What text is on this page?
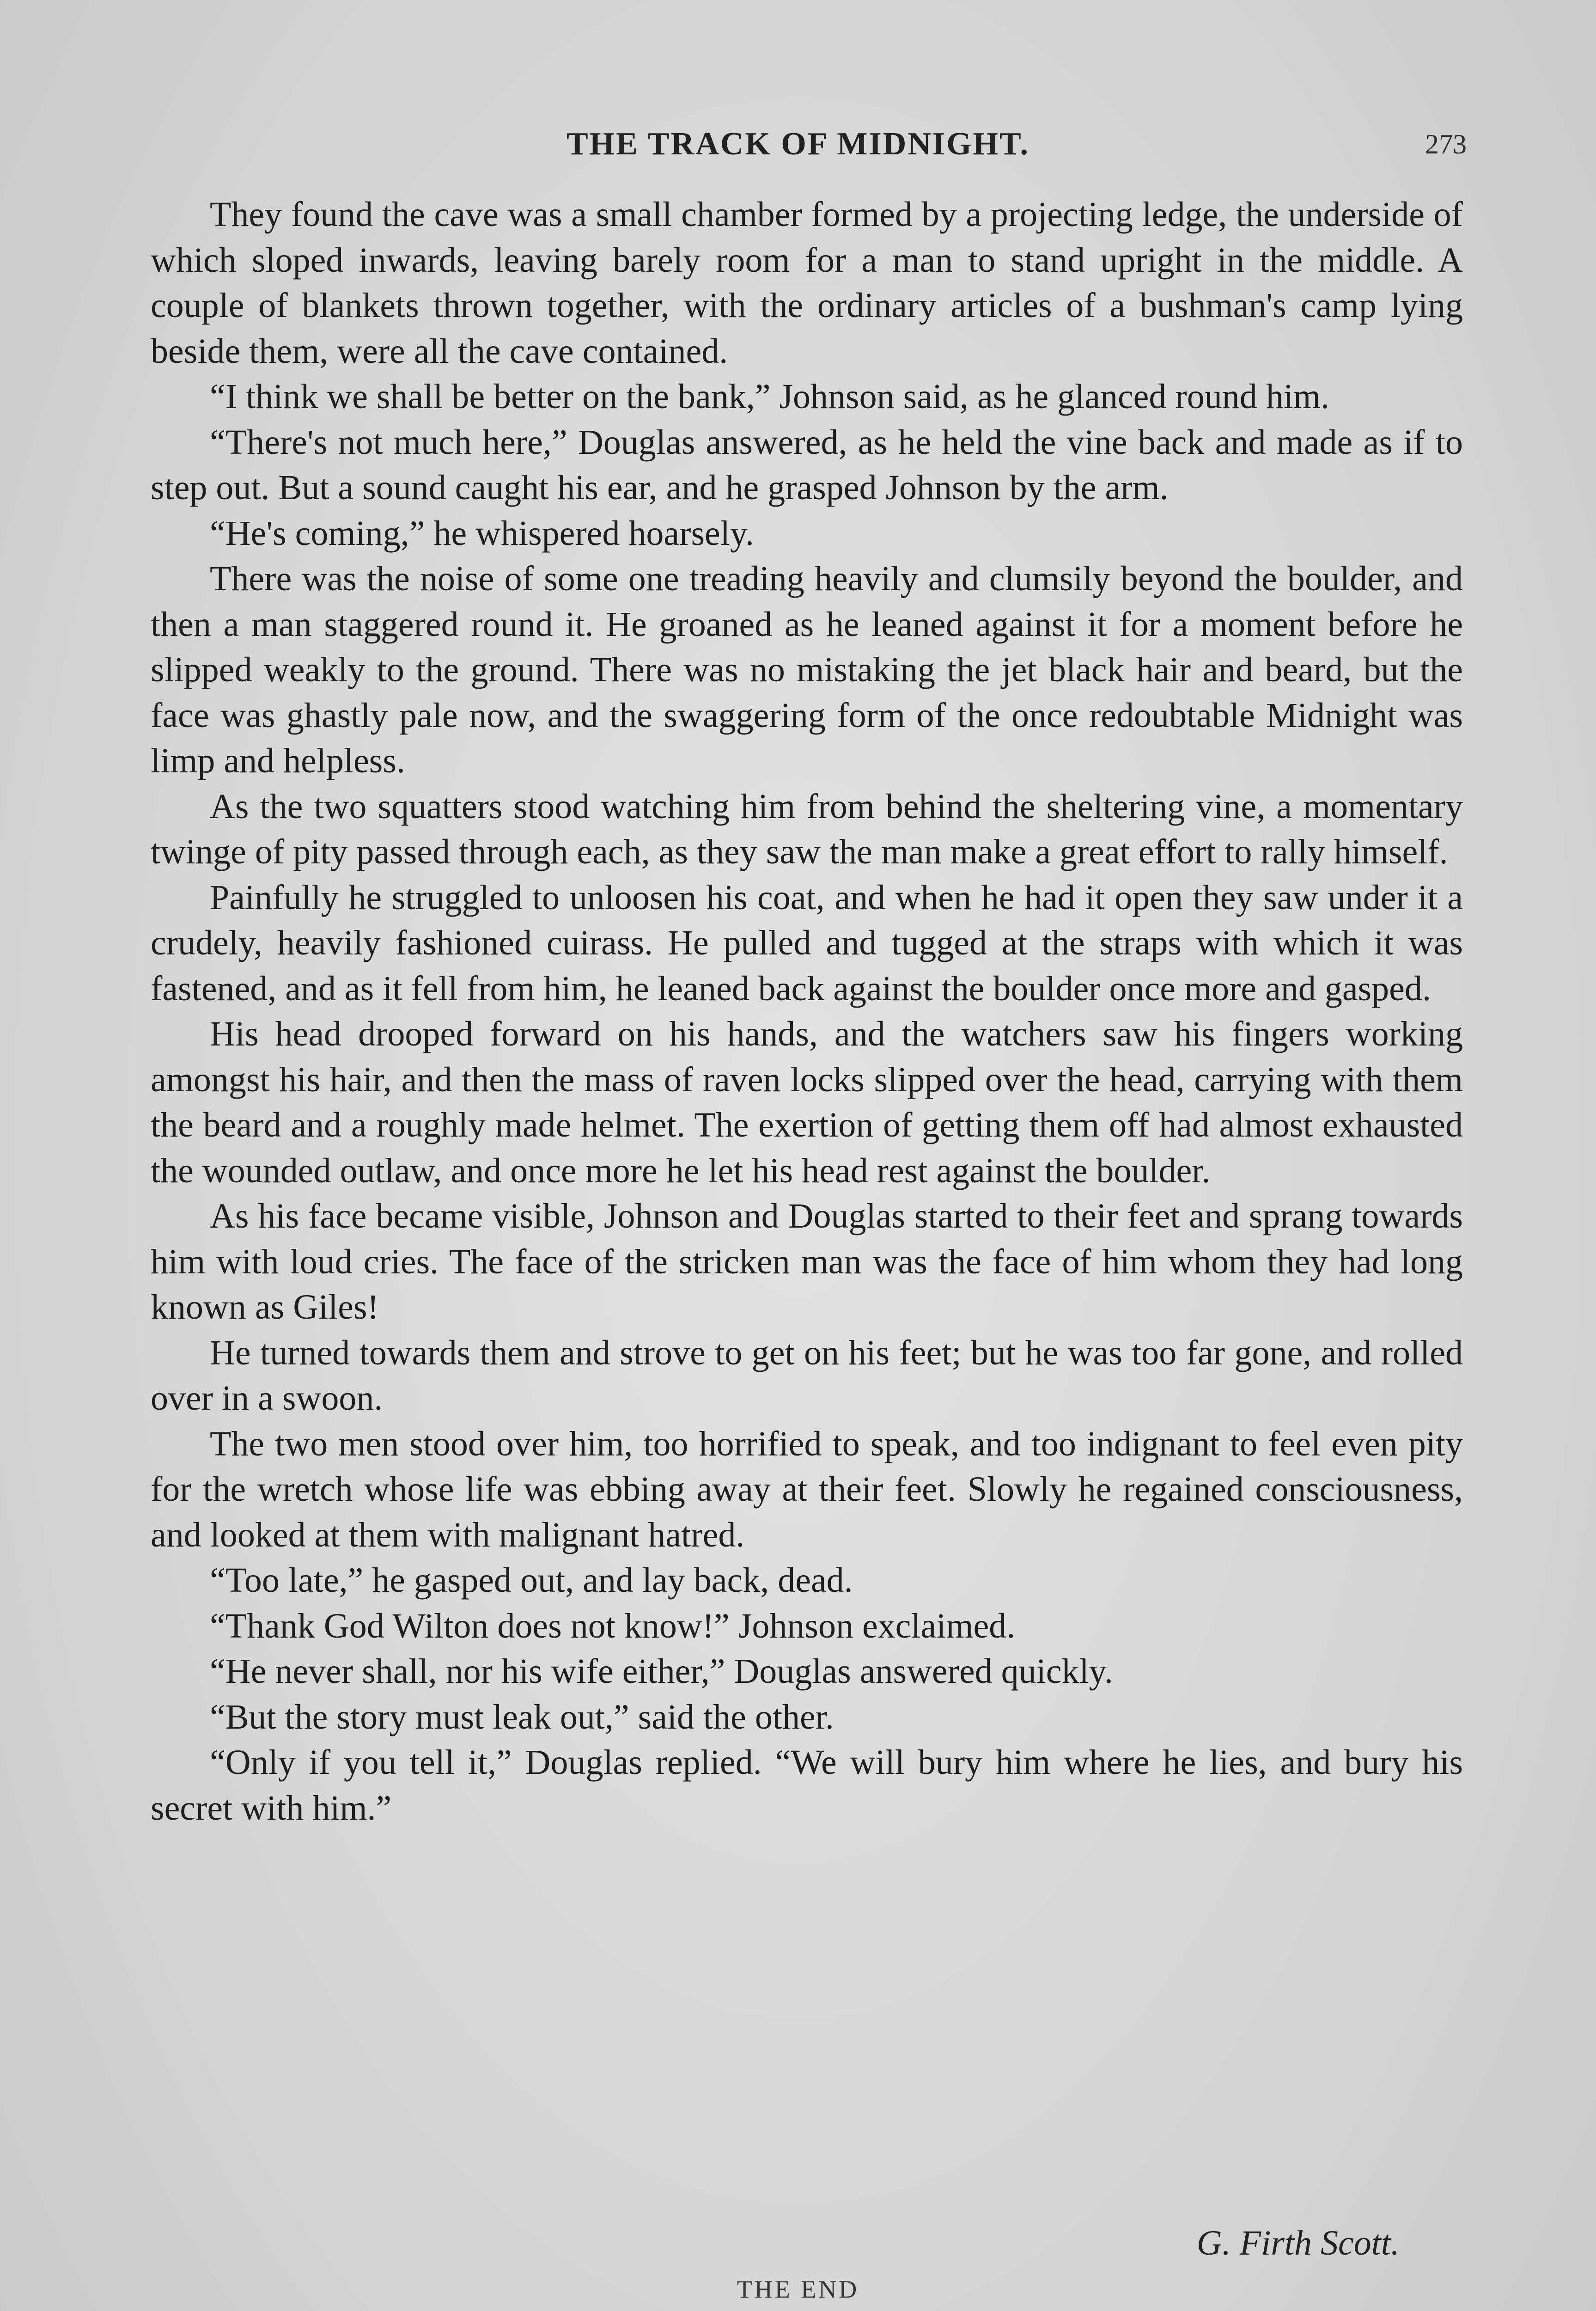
THE TRACK OF MIDNIGHT.	273

They found the cave was a small chamber formed by a projecting ledge, the underside of which sloped inwards, leaving barely room for a man to stand upright in the middle. A couple of blankets thrown together, with the ordinary articles of a bushman's camp lying beside them, were all the cave contained.

“I think we shall be better on the bank,” Johnson said, as he glanced round him.

“There's not much here,” Douglas answered, as he held the vine back and made as if to step out. But a sound caught his ear, and he grasped Johnson by the arm.

“He's coming,” he whispered hoarsely.

There was the noise of some one treading heavily and clumsily beyond the boulder, and then a man staggered round it. He groaned as he leaned against it for a moment before he slipped weakly to the ground. There was no mistaking the jet black hair and beard, but the face was ghastly pale now, and the swaggering form of the once redoubtable Midnight was limp and helpless.

As the two squatters stood watching him from behind the sheltering vine, a momentary twinge of pity passed through each, as they saw the man make a great effort to rally himself.

Painfully he struggled to unloosen his coat, and when he had it open they saw under it a crudely, heavily fashioned cuirass. He pulled and tugged at the straps with which it was fastened, and as it fell from him, he leaned back against the boulder once more and gasped.

His head drooped forward on his hands, and the watchers saw his fingers working amongst his hair, and then the mass of raven locks slipped over the head, carrying with them the beard and a roughly made helmet. The exertion of getting them off had almost exhausted the wounded outlaw, and once more he let his head rest against the boulder.

As his face became visible, Johnson and Douglas started to their feet and sprang towards him with loud cries. The face of the stricken man was the face of him whom they had long known as Giles!

He turned towards them and strove to get on his feet; but he was too far gone, and rolled over in a swoon.

The two men stood over him, too horrified to speak, and too indignant to feel even pity for the wretch whose life was ebbing away at their feet. Slowly he regained consciousness, and looked at them with malignant hatred.

“Too late,” he gasped out, and lay back, dead.

“Thank God Wilton does not know!” Johnson exclaimed.

“He never shall, nor his wife either,” Douglas answered quickly.

“But the story must leak out,” said the other.

“Only if you tell it,” Douglas replied. “We will bury him where he lies, and bury his secret with him.”

G. Firth Scott.
THE END
